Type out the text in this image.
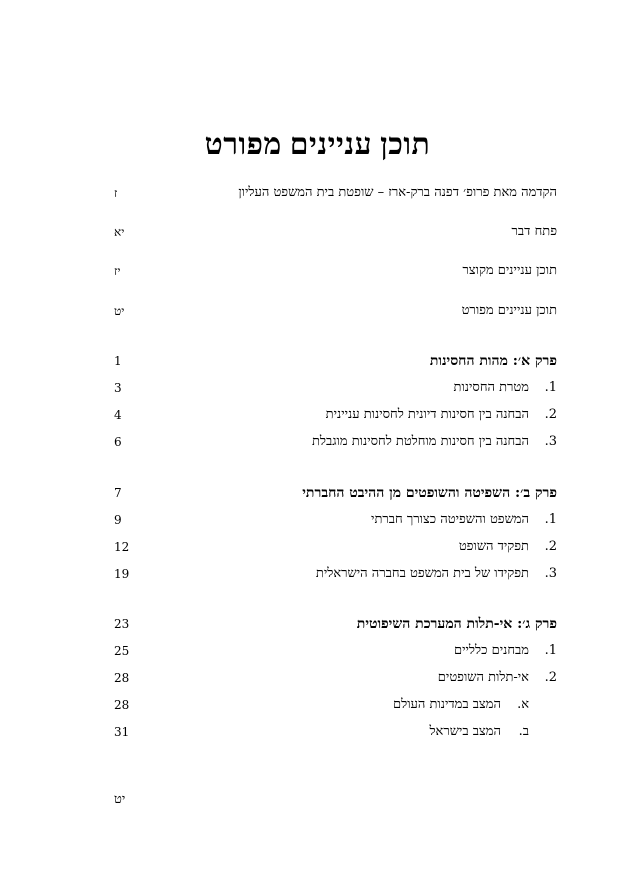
תוכן עניינים מפורט
הקדמה מאת פרופ׳ דפנה ברק-ארז – שופטת בית המשפט העליון
ז
פתח דבר
יא
תוכן עניינים מקוצר
יז
תוכן עניינים מפורט
יט
פרק א׳: מהות החסינות
1
1.
מטרת החסינות
3
2.
הבחנה בין חסינות דיונית לחסינות עניינית
4
3.
הבחנה בין חסינות מוחלטת לחסינות מוגבלת
6
פרק ב׳: השפיטה והשופטים מן ההיבט החברתי
7
1.
המשפט והשפיטה כצורך חברתי
9
2.
תפקיד השופט
12
3.
תפקידו של בית המשפט בחברה הישראלית
19
פרק ג׳: אי-תלות המערכת השיפוטית
23
1.
מבחנים כלליים
25
2.
אי-תלות השופטים
28
א.
המצב במדינות העולם
28
ב.
המצב בישראל
31
יט
